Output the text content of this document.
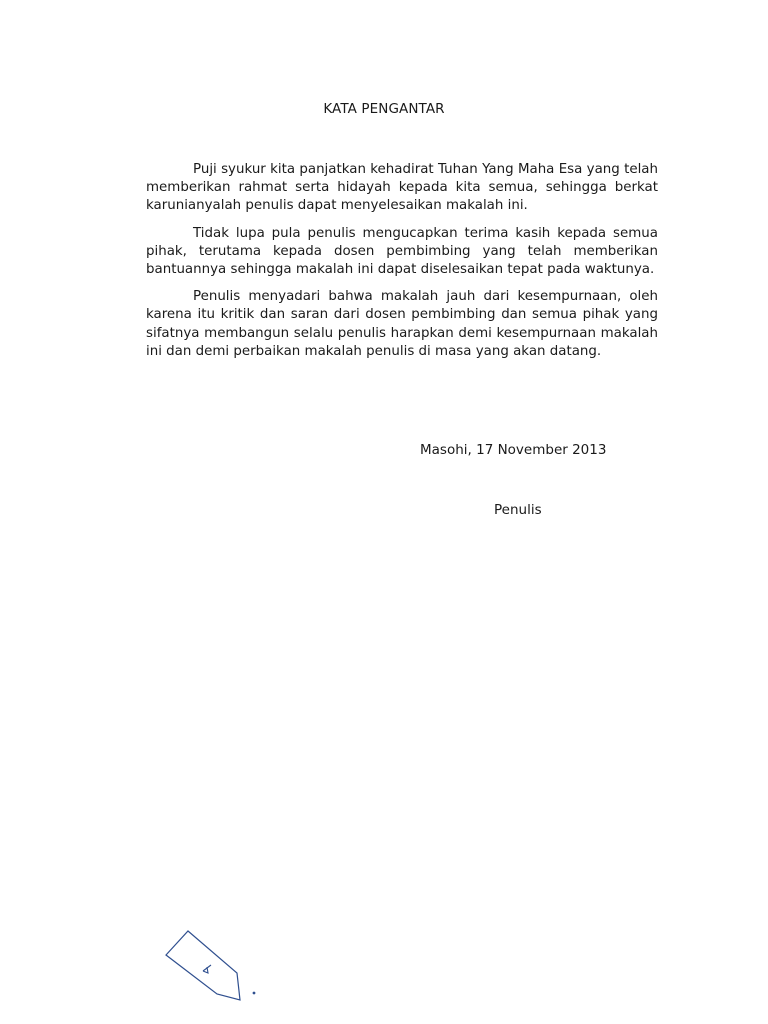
KATA PENGANTAR

Puji syukur kita panjatkan kehadirat Tuhan Yang Maha Esa yang telah memberikan rahmat serta hidayah kepada kita semua, sehingga berkat karunianyalah penulis dapat menyelesaikan makalah ini.

Tidak lupa pula penulis mengucapkan terima kasih kepada semua pihak, terutama kepada dosen pembimbing yang telah memberikan bantuannya sehingga makalah ini dapat diselesaikan tepat pada waktunya.

Penulis menyadari bahwa makalah jauh dari kesempurnaan, oleh karena itu kritik dan saran dari dosen pembimbing dan semua pihak yang sifatnya membangun selalu penulis harapkan demi kesempurnaan makalah ini dan demi perbaikan makalah penulis di masa yang akan datang.

Masohi, 17 November 2013
Penulis
